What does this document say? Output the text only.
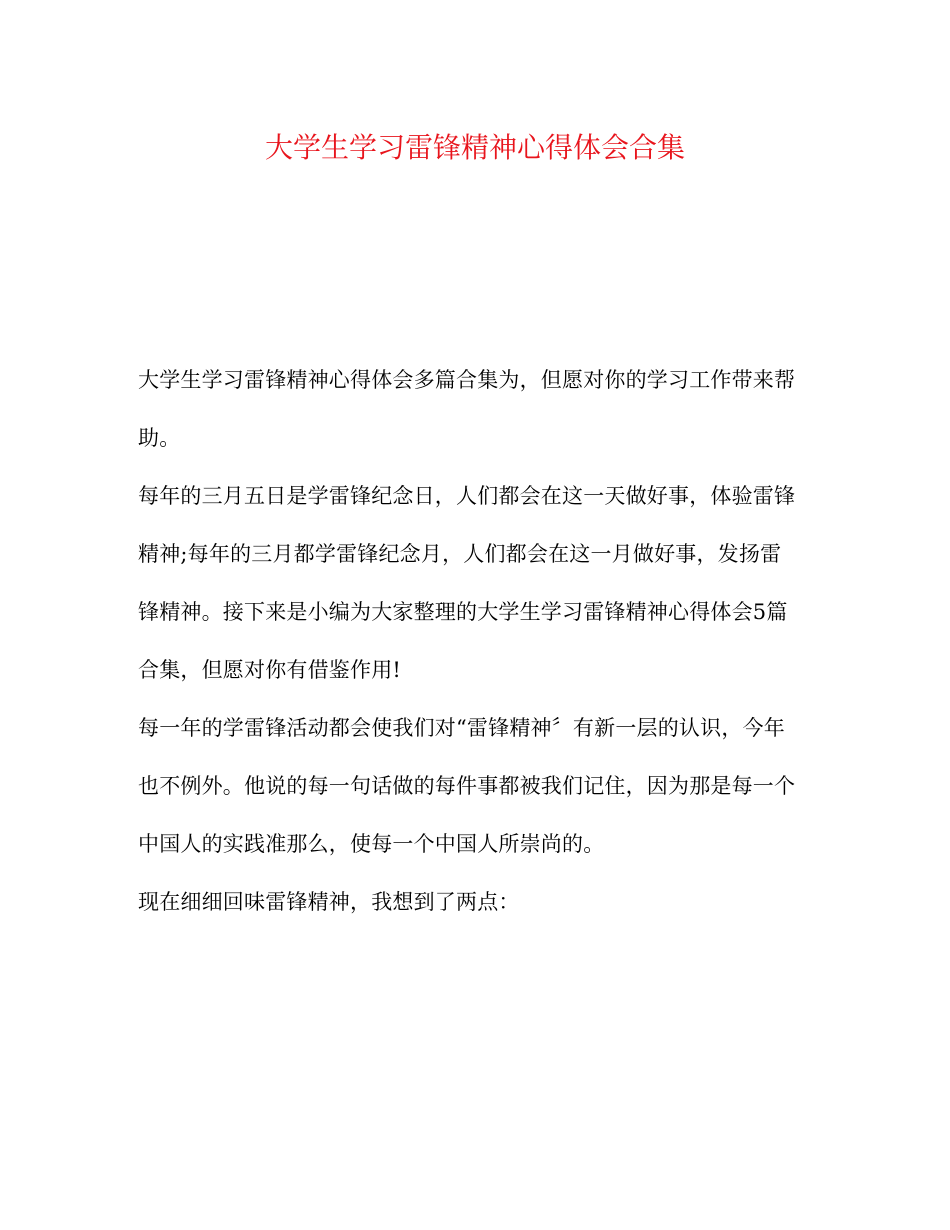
大学生学习雷锋精神心得体会合集
大学生学习雷锋精神心得体会多篇合集为，但愿对你的学习工作带来帮
助。
每年的三月五日是学雷锋纪念日，人们都会在这一天做好事，体验雷锋
精神;每年的三月都学雷锋纪念月，人们都会在这一月做好事，发扬雷
锋精神。接下来是小编为大家整理的大学生学习雷锋精神心得体会5篇
合集，但愿对你有借鉴作用!
每一年的学雷锋活动都会使我们对“雷锋精神〞有新一层的认识，今年
也不例外。他说的每一句话做的每件事都被我们记住，因为那是每一个
中国人的实践准那么，使每一个中国人所崇尚的。
现在细细回味雷锋精神，我想到了两点：
